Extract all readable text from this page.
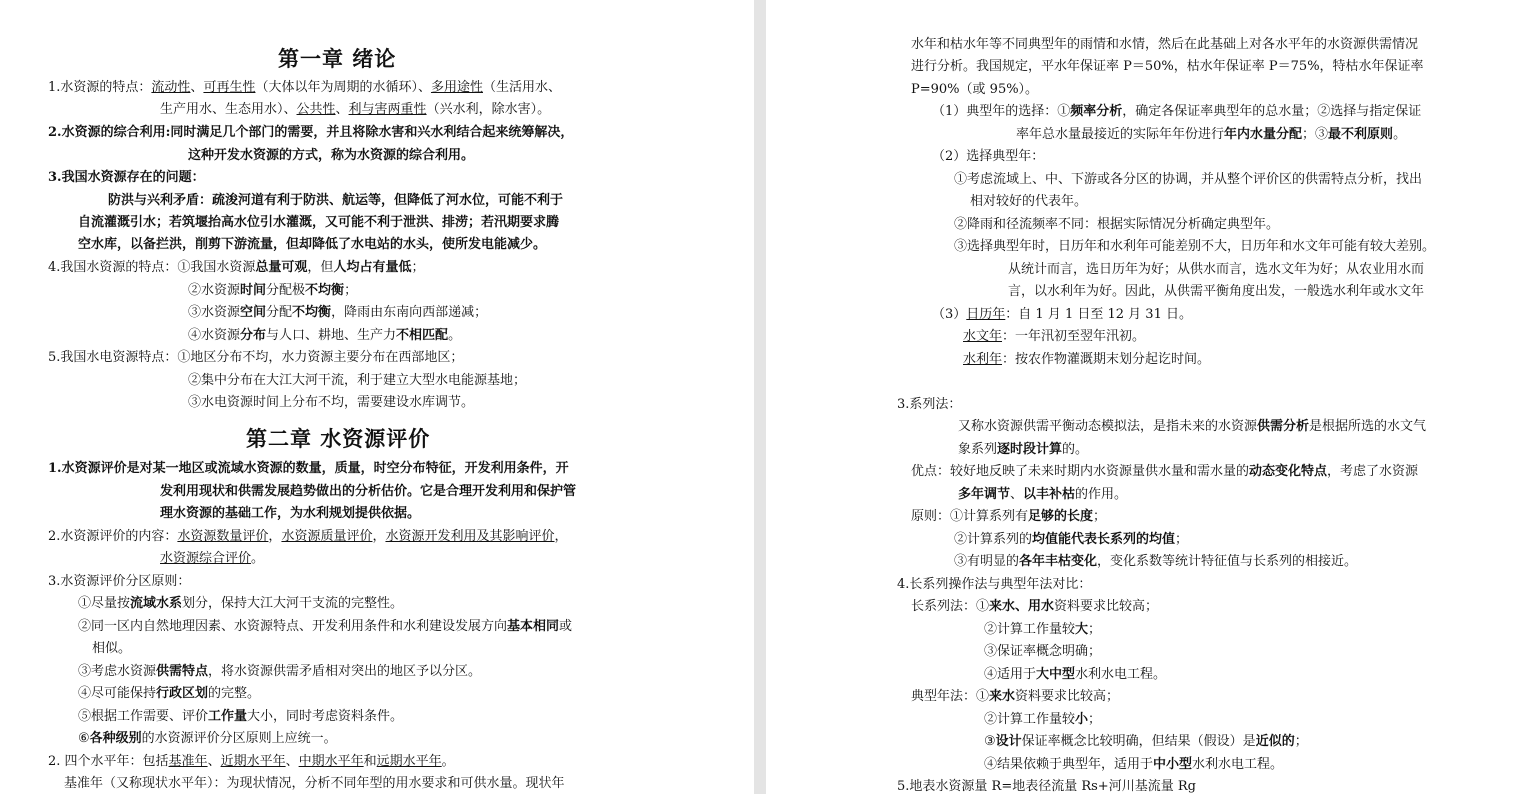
第一章 绪论
1.水资源的特点：流动性、可再生性（大体以年为周期的水循环）、多用途性（生活用水、
生产用水、生态用水）、公共性、利与害两重性（兴水利，除水害）。
2.水资源的综合利用:同时满足几个部门的需要，并且将除水害和兴水利结合起来统筹解决，
这种开发水资源的方式，称为水资源的综合利用。
3.我国水资源存在的问题：
防洪与兴利矛盾：疏浚河道有利于防洪、航运等，但降低了河水位，可能不利于
自流灌溉引水；若筑堰抬高水位引水灌溉，又可能不利于泄洪、排涝；若汛期要求腾
空水库，以备拦洪，削剪下游流量，但却降低了水电站的水头，使所发电能减少。
4.我国水资源的特点：①我国水资源总量可观，但人均占有量低；
②水资源时间分配极不均衡；
③水资源空间分配不均衡，降雨由东南向西部递减；
④水资源分布与人口、耕地、生产力不相匹配。
5.我国水电资源特点：①地区分布不均，水力资源主要分布在西部地区；
②集中分布在大江大河干流，利于建立大型水电能源基地；
③水电资源时间上分布不均，需要建设水库调节。
第二章 水资源评价
1.水资源评价是对某一地区或流域水资源的数量，质量，时空分布特征，开发利用条件，开
发利用现状和供需发展趋势做出的分析估价。它是合理开发利用和保护管
理水资源的基础工作，为水利规划提供依据。
2.水资源评价的内容：水资源数量评价，水资源质量评价，水资源开发利用及其影响评价，
水资源综合评价。
3.水资源评价分区原则：
①尽量按流域水系划分，保持大江大河干支流的完整性。
②同一区内自然地理因素、水资源特点、开发利用条件和水利建设发展方向基本相同或
相似。
③考虑水资源供需特点，将水资源供需矛盾相对突出的地区予以分区。
④尽可能保持行政区划的完整。
⑤根据工作需要、评价工作量大小，同时考虑资料条件。
⑥各种级别的水资源评价分区原则上应统一。
2. 四个水平年：包括基准年、近期水平年、中期水平年和远期水平年。
基准年（又称现状水平年）：为现状情况，分析不同年型的用水要求和可供水量。现状年
水年和枯水年等不同典型年的雨情和水情，然后在此基础上对各水平年的水资源供需情况
进行分析。我国规定，平水年保证率 P＝50%，枯水年保证率 P＝75%，特枯水年保证率
P=90%（或 95%）。
（1）典型年的选择：①频率分析，确定各保证率典型年的总水量；②选择与指定保证
率年总水量最接近的实际年年份进行年内水量分配；③最不利原则。
（2）选择典型年：
①考虑流域上、中、下游或各分区的协调，并从整个评价区的供需特点分析，找出
相对较好的代表年。
②降雨和径流频率不同：根据实际情况分析确定典型年。
③选择典型年时，日历年和水利年可能差别不大，日历年和水文年可能有较大差别。
从统计而言，选日历年为好；从供水而言，选水文年为好；从农业用水而
言，以水利年为好。因此，从供需平衡角度出发，一般选水利年或水文年
（3）日历年：自 1 月 1 日至 12 月 31 日。
水文年：一年汛初至翌年汛初。
水利年：按农作物灌溉期末划分起讫时间。
3.系列法：
又称水资源供需平衡动态模拟法，是指未来的水资源供需分析是根据所选的水文气
象系列逐时段计算的。
优点：较好地反映了未来时期内水资源量供水量和需水量的动态变化特点，考虑了水资源
多年调节、以丰补枯的作用。
原则：①计算系列有足够的长度；
②计算系列的均值能代表长系列的均值；
③有明显的各年丰枯变化，变化系数等统计特征值与长系列的相接近。
4.长系列操作法与典型年法对比：
长系列法：①来水、用水资料要求比较高；
②计算工作量较大；
③保证率概念明确；
④适用于大中型水利水电工程。
典型年法：①来水资料要求比较高；
②计算工作量较小；
③设计保证率概念比较明确，但结果（假设）是近似的；
④结果依赖于典型年，适用于中小型水利水电工程。
5.地表水资源量 R=地表径流量 Rs+河川基流量 Rg
